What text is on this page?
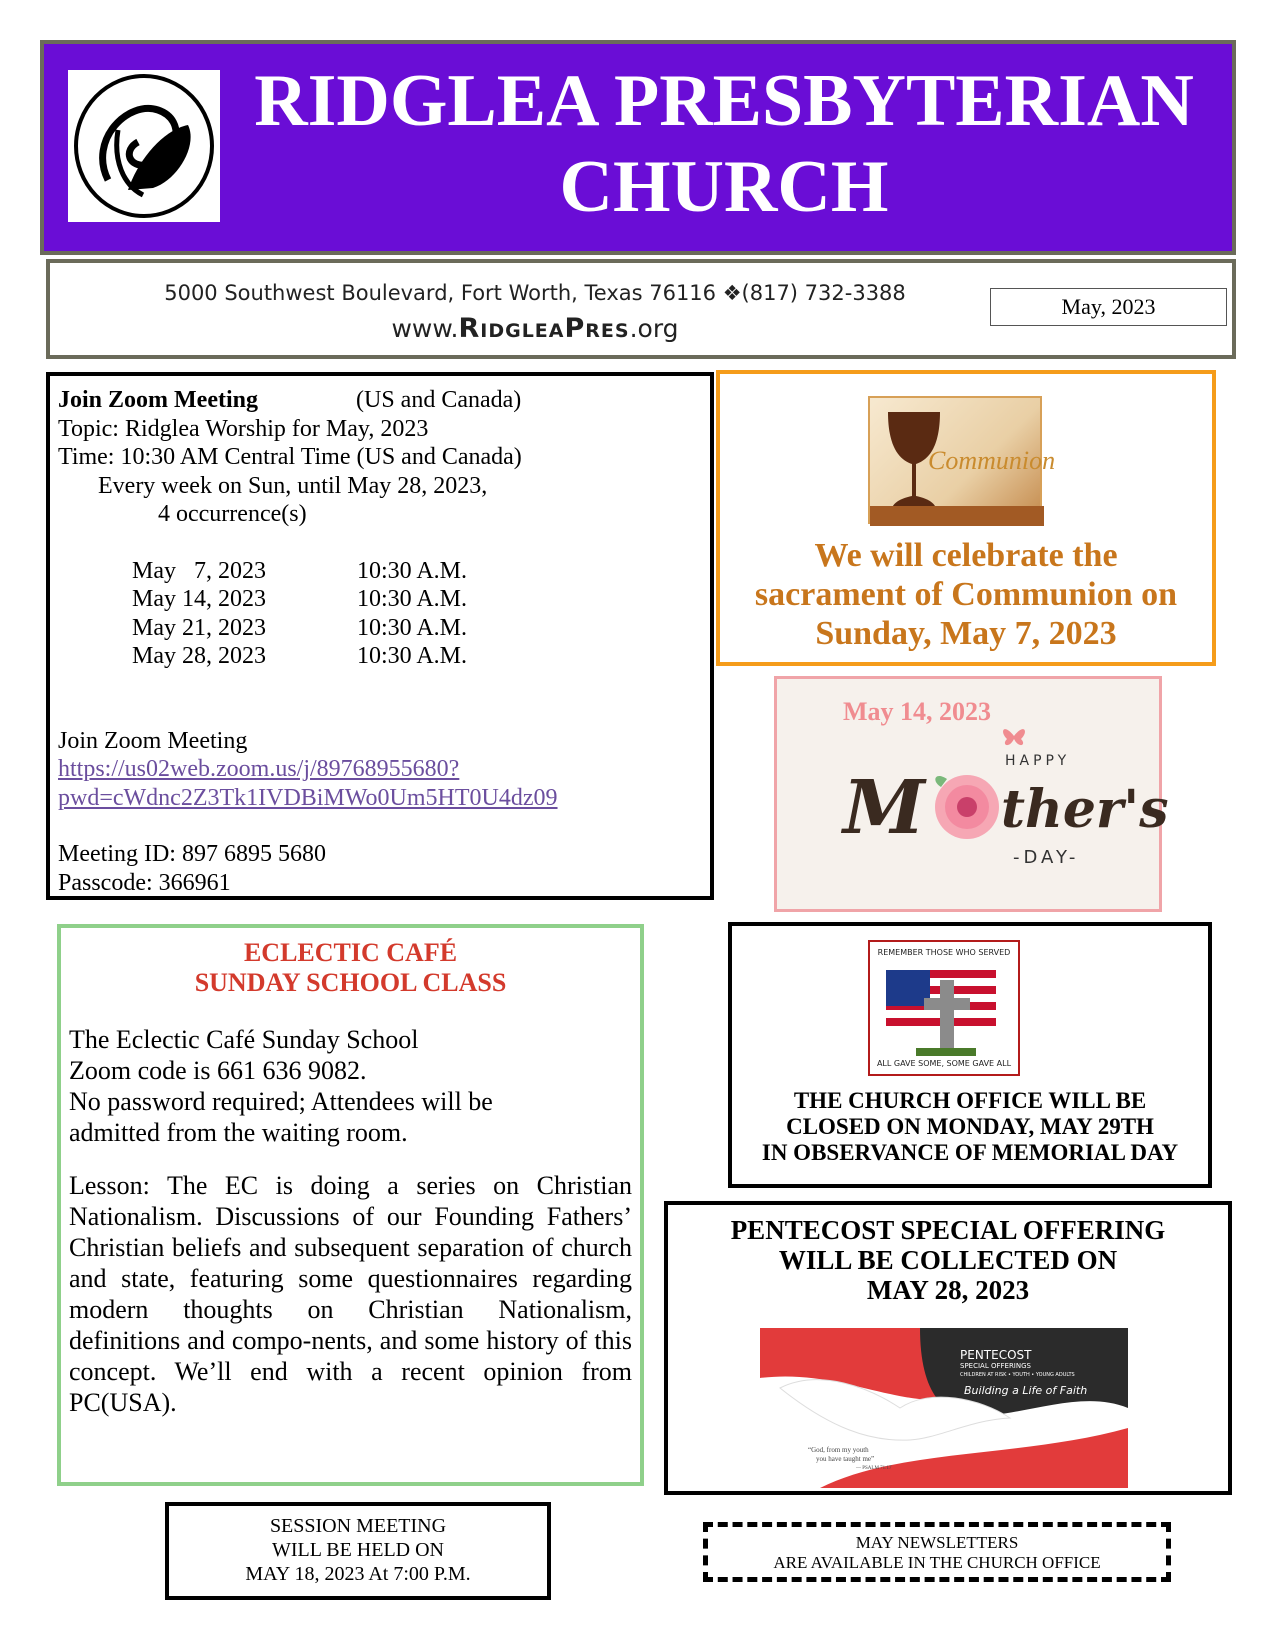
RIDGLEA PRESBYTERIAN
CHURCH
5000 Southwest Boulevard, Fort Worth, Texas 76116 ❖(817) 732-3388
www.RidgleaPres.org
May, 2023
Join Zoom Meeting	(US and Canada)
Topic: Ridglea Worship for May, 2023
Time: 10:30 AM Central Time (US and Canada)
Every week on Sun, until May 28, 2023,
4 occurrence(s)
May   7, 2023	10:30 A.M.
May 14, 2023	10:30 A.M.
May 21, 2023	10:30 A.M.
May 28, 2023	10:30 A.M.
Join Zoom Meeting
https://us02web.zoom.us/j/89768955680?
pwd=cWdnc2Z3Tk1IVDBiMWo0Um5HT0U4dz09
Meeting ID: 897 6895 5680
Passcode: 366961
Communion
We will celebrate the
sacrament of Communion on
Sunday, May 7, 2023
May 14, 2023
HAPPY
M ther's
-DAY-
REMEMBER THOSE WHO SERVED
ALL GAVE SOME, SOME GAVE ALL
THE CHURCH OFFICE WILL BE
CLOSED ON MONDAY, MAY 29TH
IN OBSERVANCE OF MEMORIAL DAY
PENTECOST SPECIAL OFFERING
WILL BE COLLECTED ON
MAY 28, 2023
PENTECOST
SPECIAL OFFERINGS
CHILDREN AT RISK • YOUTH • YOUNG ADULTS
Building a Life of Faith
“God, from my youth
you have taught me”
— PSALM 71:17
ECLECTIC CAFÉ
SUNDAY SCHOOL CLASS
The Eclectic Café Sunday School
Zoom code is 661 636 9082.
No password required; Attendees will be
admitted from the waiting room.
Lesson: The EC is doing a series on Christian Nationalism. Discussions of our Founding Fathers’ Christian beliefs and subsequent separation of church and state, featuring some questionnaires regarding modern thoughts on Christian Nationalism, definitions and compo-nents, and some history of this concept. We’ll end with a recent opinion from PC(USA).
SESSION MEETING
WILL BE HELD ON
MAY 18, 2023 At 7:00 P.M.
MAY NEWSLETTERS
ARE AVAILABLE IN THE CHURCH OFFICE
